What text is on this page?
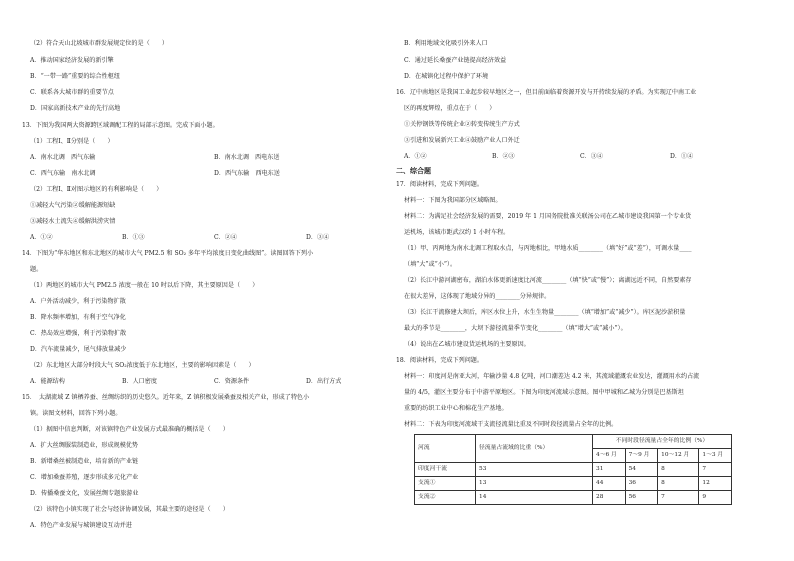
（2）符合天山北坡城市群发展规定位的是（　　）
A．推动国家经济发展的新引擎
B．“一带一路”重要的综合性枢纽
C．联系各大城市群的重要节点
D．国家高新技术产业的先行高地
13．下图为我国两大资源跨区域调配工程的局部示意图。完成下面小题。
（1）工程Ⅰ、Ⅱ分别是（　　）
A．南水北调　西气东输	B．南水北调　西电东送
C．西气东输　南水北调	D．西气东输　西电东送
（2）工程Ⅰ、Ⅱ对图示地区的有利影响是（　　）
①减轻大气污染②缓解能源短缺
③减轻水土流失④缓解洪涝灾情
A．①②	B．①③	C．②④	D．③④
14．下图为“华东地区和东北地区的城市大气 PM2.5 和 SO₂ 多年平均浓度日变化曲线图”。读图回答下列小
题。
（1）两地区的城市大气 PM2.5 浓度一般在 10 时以后下降，其主要原因是（　　）
A．户外活动减少，利于污染物扩散
B．降水频率增加，有利于空气净化
C．热岛效应增强，利于污染物扩散
D．汽车流量减少，尾气排放量减少
（2）东北地区大部分时段大气 SO₂浓度低于东北地区，主要的影响因素是（　　）
A．能源结构	B．人口密度	C．资源条件	D．出行方式
15．　太湖流域 Z 镇栖养蚕、丝绸纺织的历史悠久。近年来，Z 镇积极发展桑蚕及相关产业，形成了特色小
镇。读图文材料，回答下列小题。
（1）据图中信息判断，对该镇特色产业发展方式最准确的概括是（　　）
A．扩大丝绸服装制造业，形成规模优势
B．新增桑丝被制造业，培育新的产业链
C．增加桑蚕养殖，逐步形成多元化产业
D．传播桑蚕文化，发展丝绸专题旅游业
（2）该特色小镇实现了社会与经济协调发展，其最主要的途径是（　　）
A．特色产业发展与城镇建设互动并进
B．利用地域文化吸引外来人口
C．通过延长桑蚕产业链提高经济效益
D．在城镇化过程中保护了环境
16．辽中南地区是我国工业起步较早地区之一，但目前面临着资源开发与开持续发展的矛盾。为实现辽中南工业
区的再度辉煌，重点在于（　　）
①关停钢铁等传统企业②转变传统生产方式
③引进和发展新兴工业④鼓励产业人口外迁
A．①②	B．②③	C．③④	D．①④
二、综合题
17．阅读材料，完成下列问题。
材料一：下图为我国部分区域略图。
材料二：为满足社会经济发展的需要，2019 年 1 月国务院批准关联汤公司在乙城市建设我国第一个专业货
运机场，该城市距武汉约 1 小时车程。
（1）甲、丙两地为南水北调工程取水点，与丙地相比，甲地水质________（填“好”或“差”），可调水量____
（填“大”或“小”）。
（2）长江中游河湖密布，湖泊水体更新速度比河流________（填“快”或“慢”）；离湖远近不同，自然要素存
在很大差异，这体现了地域分异的________分异规律。
（3）长江干流修建大坝后，库区水位上升，水生生物量________（填“增加”或“减少”）。库区泥沙淤积量
最大的季节是________，大坝下游径流量季节变化________（填“增大”或“减小”）。
（4）说出在乙城市建设货运机场的主要原因。
18．阅读材料，完成下列问题。
材料一：印度河是南亚大河，年输沙量 4.8 亿吨，河口潮差达 4.2 米，其流域灌溉农业发达，灌溉用水约占流
量的 4/5，灌区主要分布于中游平原地区。下图为印度河流域示意图。图中甲城和乙城为分别是巴基斯坦
重要的纺织工业中心和棉花生产基地。
材料二：下表为印度河流域干支流径流量比重及不同时段径流量占全年的比例。
河流	径流量占流域的比重（%）	不同时段径流量占全年的比例（%）			
		4～6 月	7～9 月	10～12 月	1～3 月
印度河干流	53	31	54	8	7
支流①	13	44	36	8	12
支流②	14	28	56	7	9
